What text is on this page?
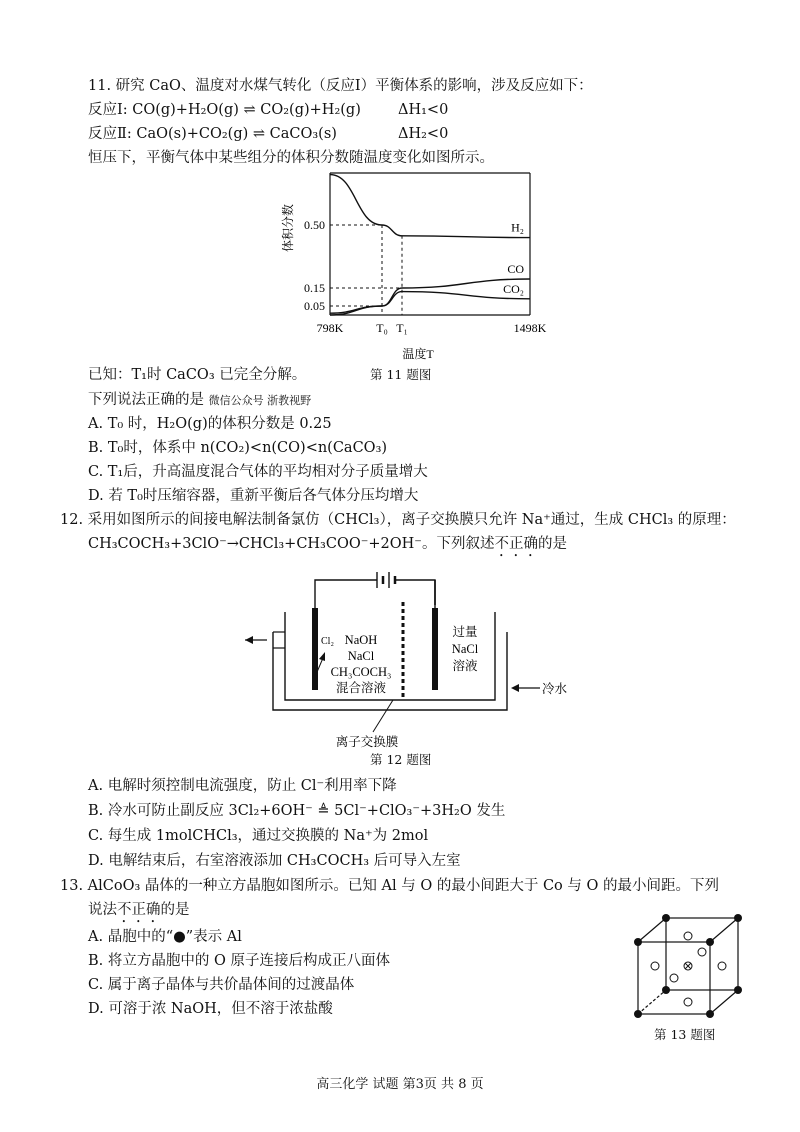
11. 研究 CaO、温度对水煤气转化（反应Ⅰ）平衡体系的影响，涉及反应如下：
反应Ⅰ: CO(g)+H₂O(g) ⇌ CO₂(g)+H₂(g)	ΔH₁<0
反应Ⅱ: CaO(s)+CO₂(g) ⇌ CaCO₃(s)	ΔH₂<0
恒压下，平衡气体中某些组分的体积分数随温度变化如图所示。
798K	T₀ T₁	1498K
0.50
0.15
0.05
H₂
CO
CO₂
体积分数
温度T
已知：T₁时 CaCO₃ 已完全分解。	第 11 题图
下列说法正确的是 微信公众号 浙教视野
A. T₀ 时，H₂O(g)的体积分数是 0.25
B. T₀时，体系中 n(CO₂)<n(CO)<n(CaCO₃)
C. T₁后，升高温度混合气体的平均相对分子质量增大
D. 若 T₀时压缩容器，重新平衡后各气体分压均增大
12. 采用如图所示的间接电解法制备氯仿（CHCl₃），离子交换膜只允许 Na⁺通过，生成 CHCl₃ 的原理：
CH₃COCH₃+3ClO⁻→CHCl₃+CH₃COO⁻+2OH⁻。下列叙述不正确的是
Cl₂ NaOH
NaCl
CH₃COCH₃
混合溶液
过量
NaCl
溶液
冷水
离子交换膜
第 12 题图
A. 电解时须控制电流强度，防止 Cl⁻利用率下降
B. 冷水可防止副反应 3Cl₂+6OH⁻ ≜ 5Cl⁻+ClO₃⁻+3H₂O 发生
C. 每生成 1molCHCl₃，通过交换膜的 Na⁺为 2mol
D. 电解结束后，右室溶液添加 CH₃COCH₃ 后可导入左室
13. AlCoO₃ 晶体的一种立方晶胞如图所示。已知 Al 与 O 的最小间距大于 Co 与 O 的最小间距。下列
说法不正确的是
A. 晶胞中的“●”表示 Al
B. 将立方晶胞中的 O 原子连接后构成正八面体
C. 属于离子晶体与共价晶体间的过渡晶体
D. 可溶于浓 NaOH，但不溶于浓盐酸
第 13 题图
高三化学 试题 第3页 共 8 页
